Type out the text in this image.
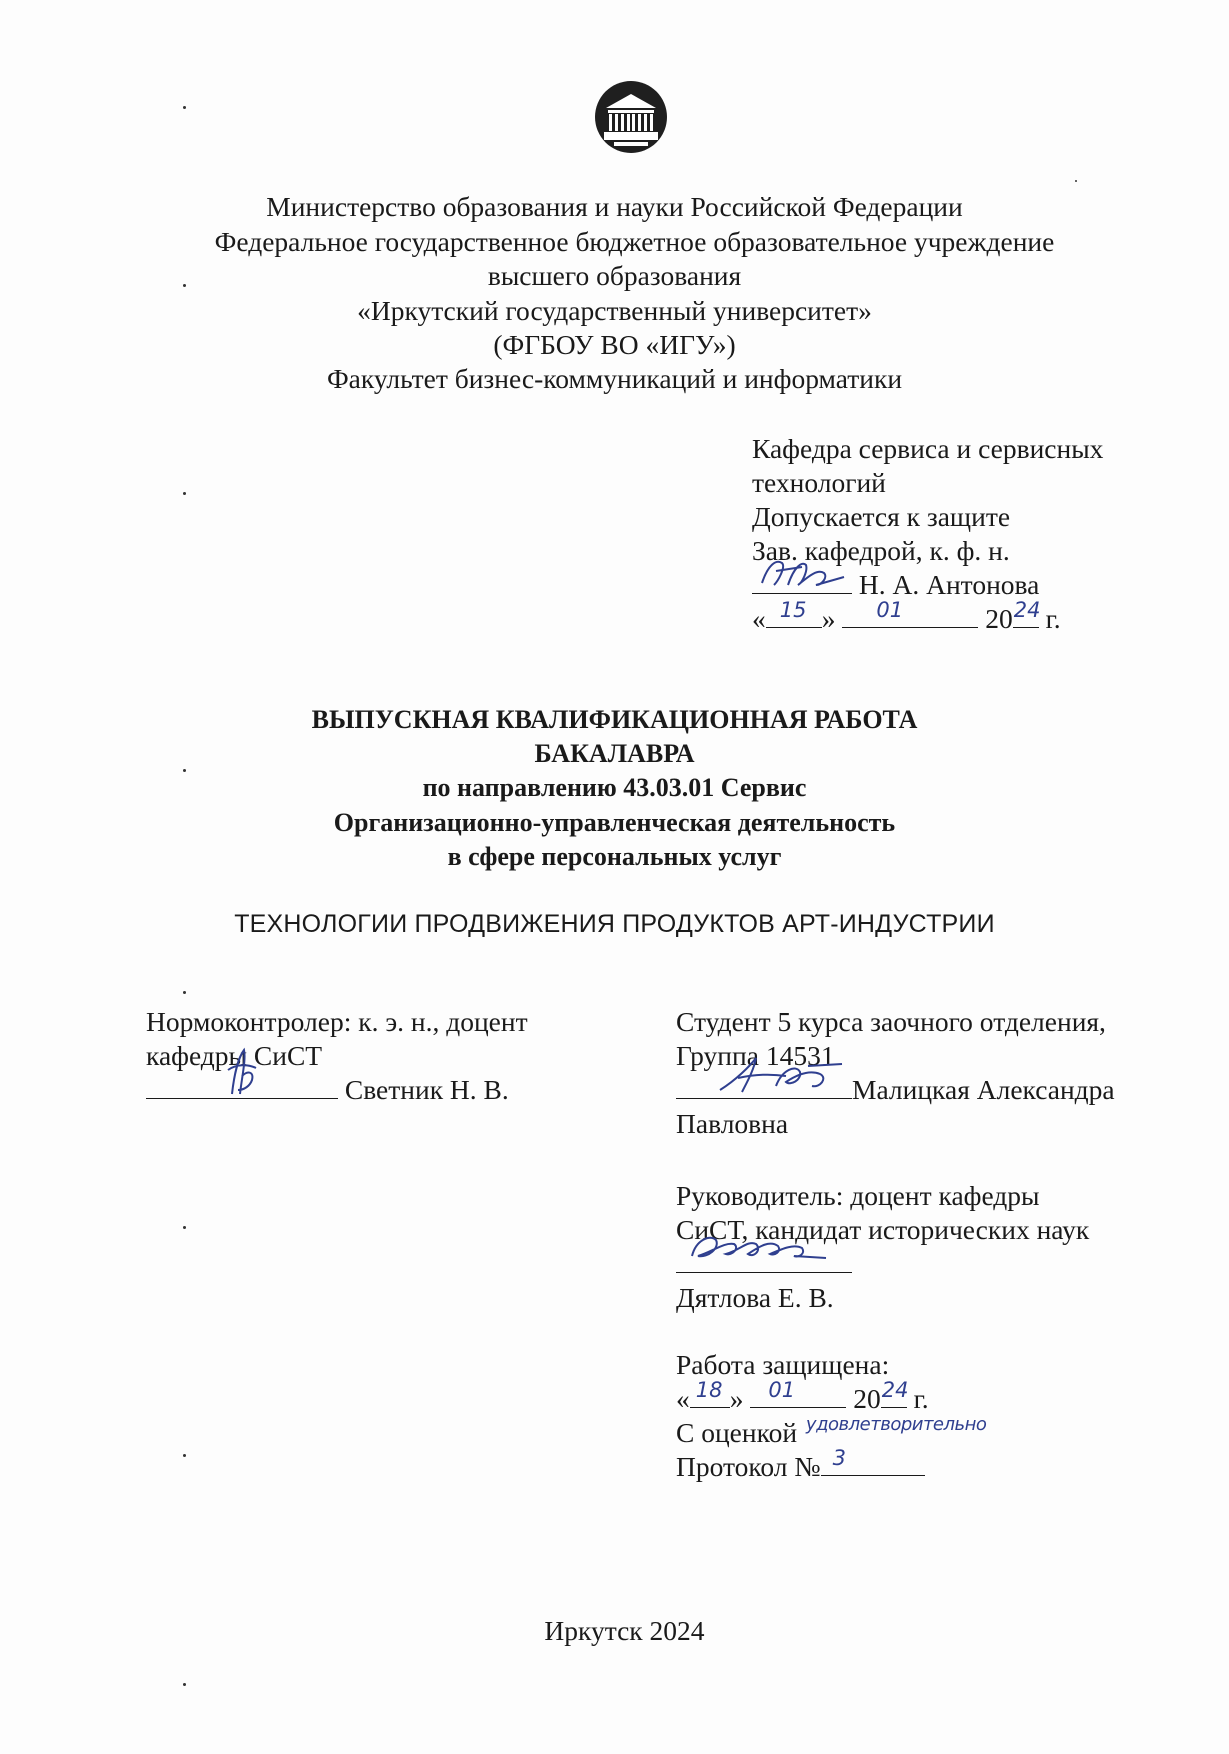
Министерство образования и науки Российской Федерации
Федеральное государственное бюджетное образовательное учреждение
высшего образования
«Иркутский государственный университет»
(ФГБОУ ВО «ИГУ»)
Факультет бизнес-коммуникаций и информатики
Кафедра сервиса и сервисных
технологий
Допускается к защите
Зав. кафедрой, к. ф. н.
Н. А. Антонова
« 15 » 01	20 24 г.
ВЫПУСКНАЯ КВАЛИФИКАЦИОННАЯ РАБОТА
БАКАЛАВРА
по направлению 43.03.01 Сервис
Организационно-управленческая деятельность
в сфере персональных услуг
ТЕХНОЛОГИИ ПРОДВИЖЕНИЯ ПРОДУКТОВ АРТ-ИНДУСТРИИ
Нормоконтролер: к. э. н., доцент
кафедры СиСТ
Светник Н. В.
Студент 5 курса заочного отделения,
Группа 14531
Малицкая Александра
Павловна
Руководитель: доцент кафедры
СиСТ, кандидат исторических наук
Дятлова Е. В.
Работа защищена:
« 18 » 01 20 24 г.
С оценкой удовлетворительно
Протокол № 3
Иркутск 2024
